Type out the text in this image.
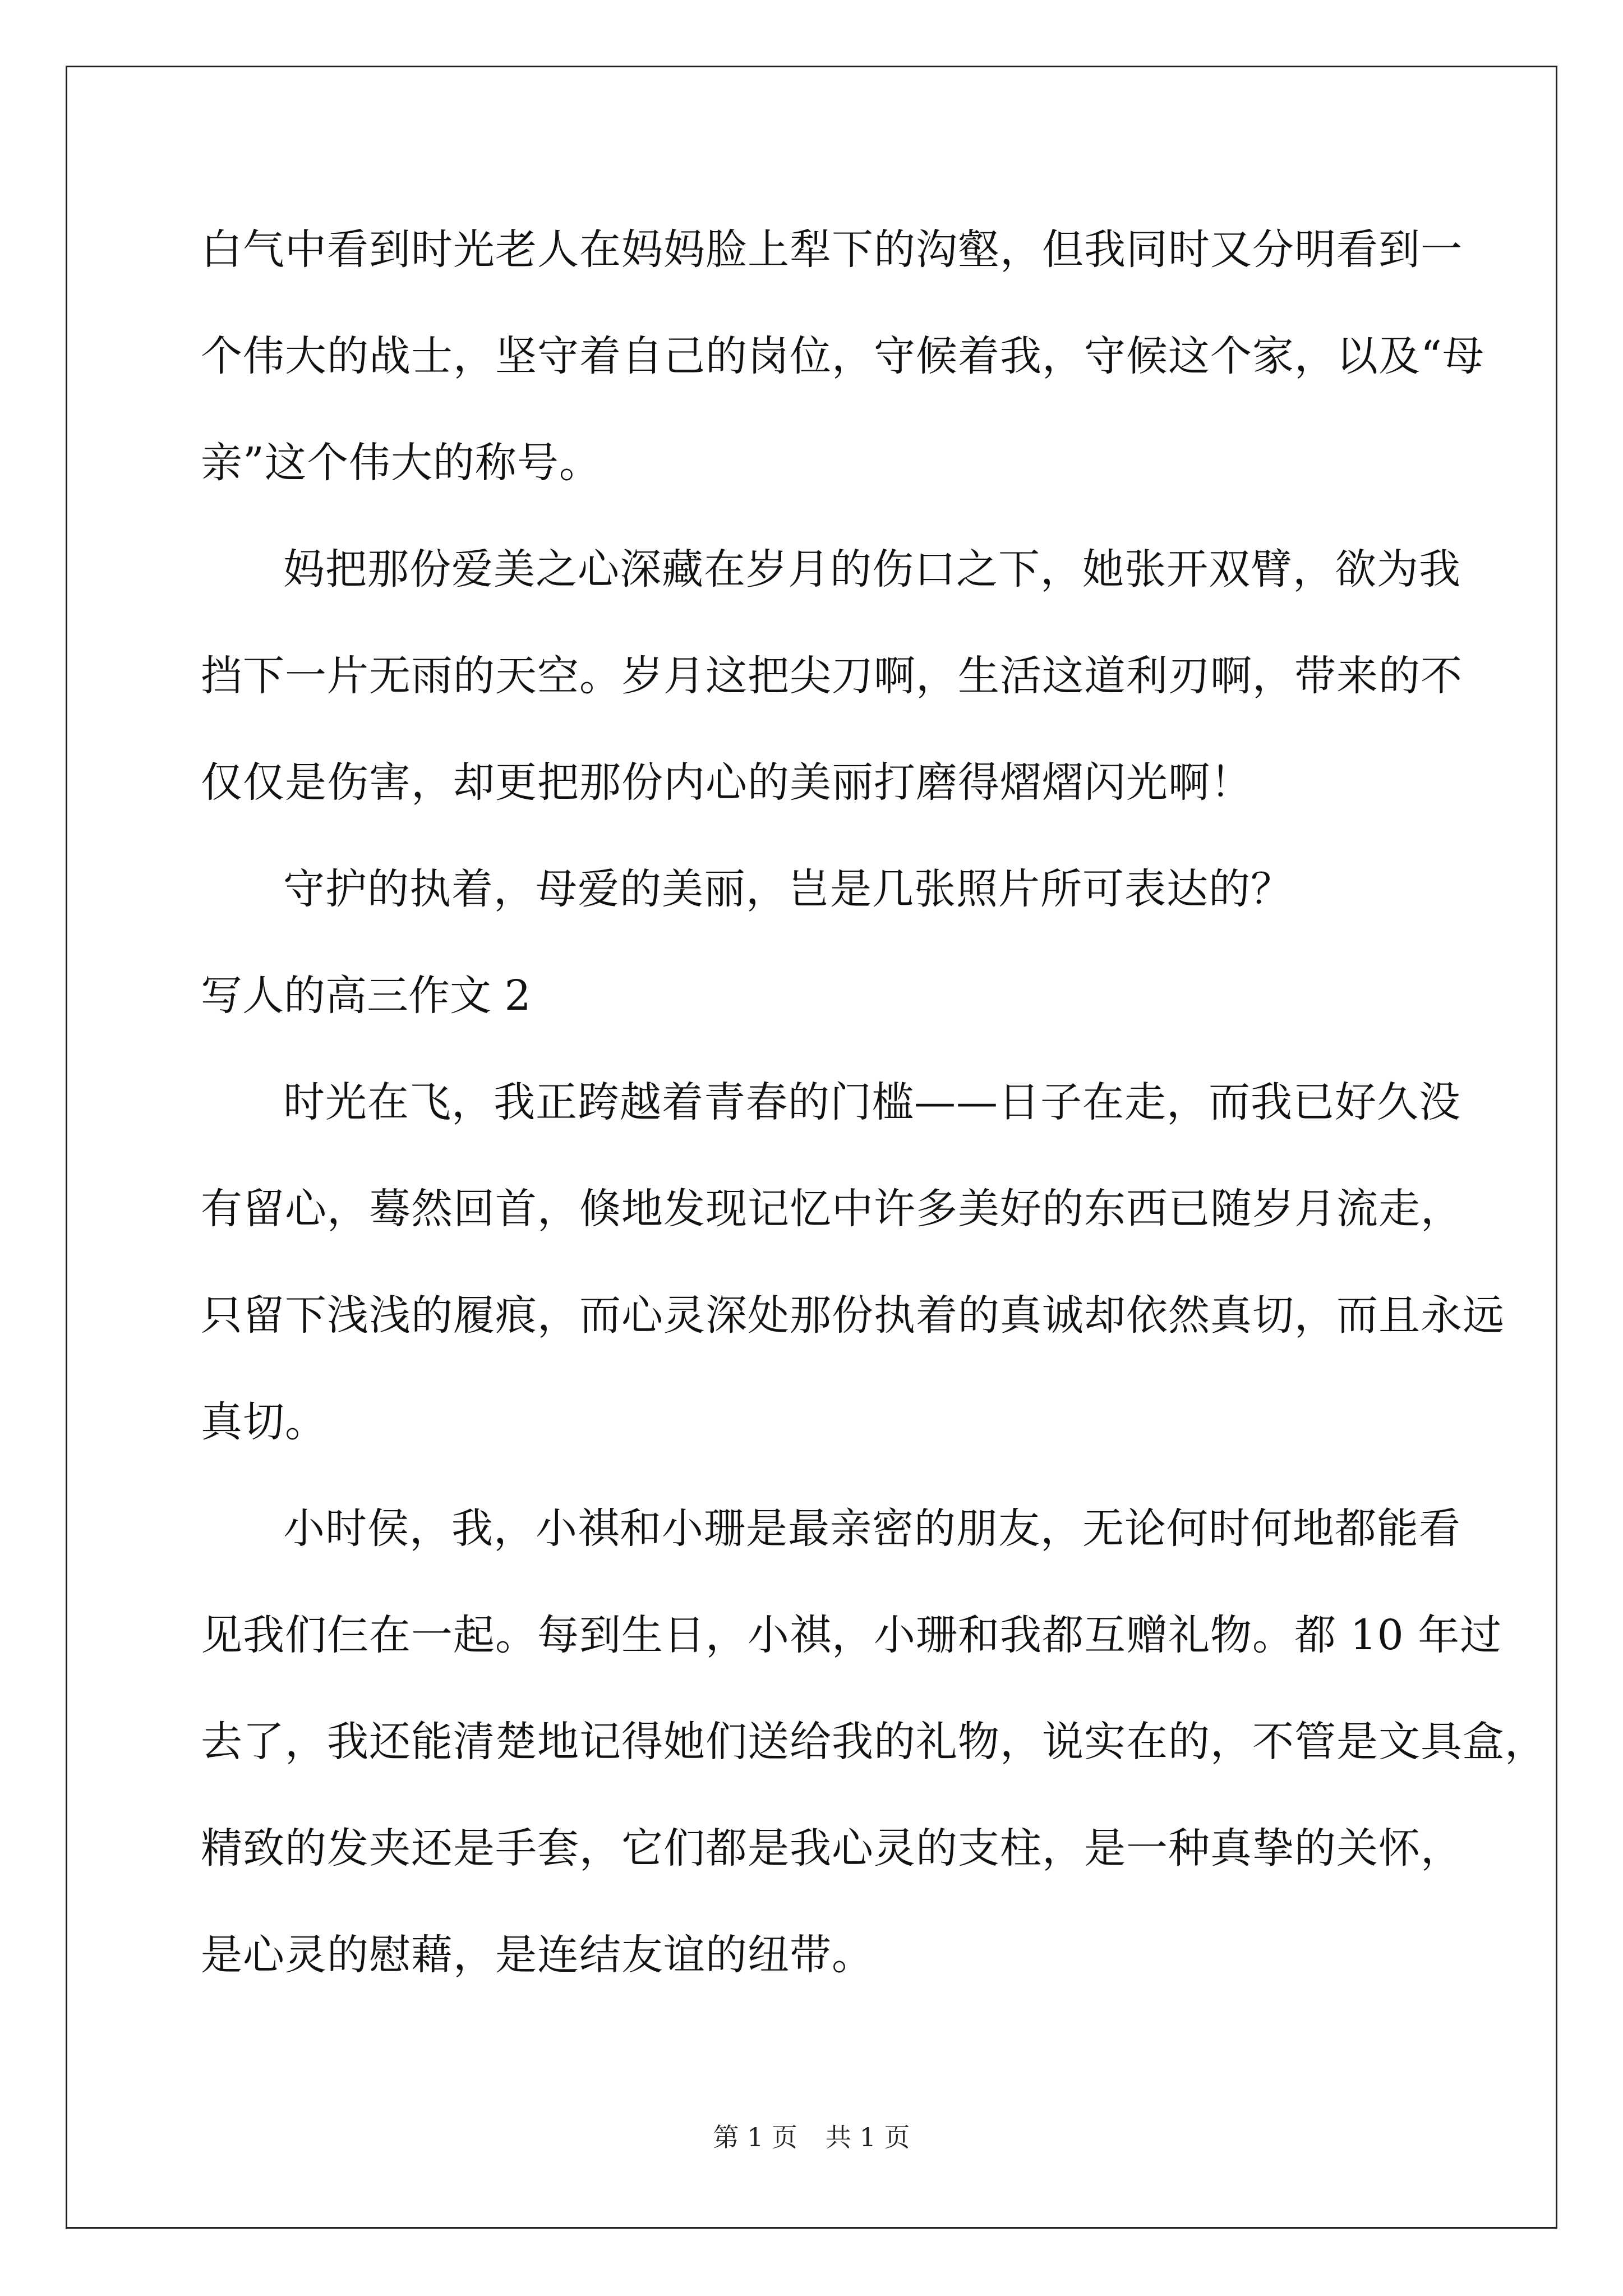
白气中看到时光老人在妈妈脸上犁下的沟壑，但我同时又分明看到一
个伟大的战士，坚守着自己的岗位，守候着我，守候这个家，以及“母
亲”这个伟大的称号。
妈把那份爱美之心深藏在岁月的伤口之下，她张开双臂，欲为我
挡下一片无雨的天空。岁月这把尖刀啊，生活这道利刃啊，带来的不
仅仅是伤害，却更把那份内心的美丽打磨得熠熠闪光啊！
守护的执着，母爱的美丽，岂是几张照片所可表达的？
写人的高三作文 2
时光在飞，我正跨越着青春的门槛——日子在走，而我已好久没
有留心，蓦然回首，倏地发现记忆中许多美好的东西已随岁月流走，
只留下浅浅的履痕，而心灵深处那份执着的真诚却依然真切，而且永远
真切。
小时侯，我，小祺和小珊是最亲密的朋友，无论何时何地都能看
见我们仨在一起。每到生日，小祺，小珊和我都互赠礼物。都 10 年过
去了，我还能清楚地记得她们送给我的礼物，说实在的，不管是文具盒，
精致的发夹还是手套，它们都是我心灵的支柱，是一种真挚的关怀，
是心灵的慰藉，是连结友谊的纽带。
第 1 页 共 1 页
